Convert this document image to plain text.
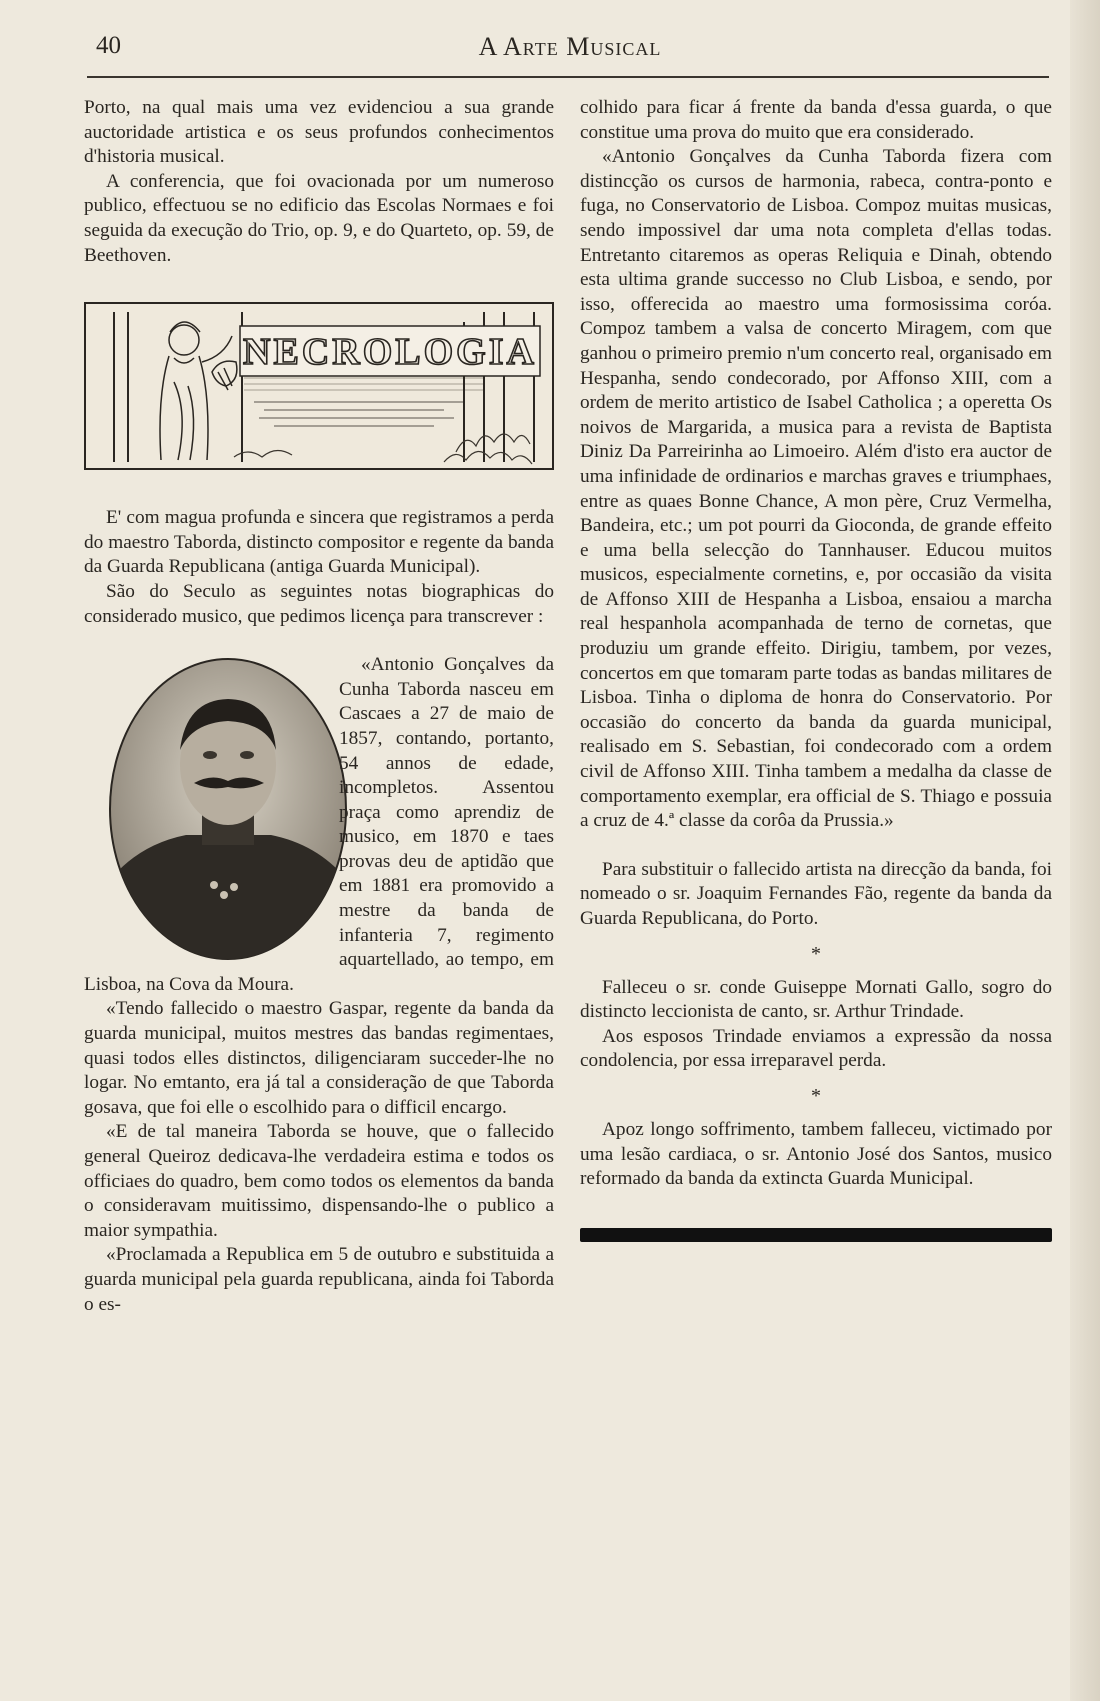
40	A Arte Musical

Porto, na qual mais uma vez evidenciou a sua grande auctoridade artistica e os seus profundos conhecimentos d'historia musical.

A conferencia, que foi ovacionada por um numeroso publico, effectuou se no edificio das Escolas Normaes e foi seguida da execução do Trio, op. 9, e do Quarteto, op. 59, de Beethoven.

NECROLOGIA

E' com magua profunda e sincera que registramos a perda do maestro Taborda, distincto compositor e regente da banda da Guarda Republicana (antiga Guarda Municipal).

São do Seculo as seguintes notas biographicas do considerado musico, que pedimos licença para transcrever :

«Antonio Gonçalves da Cunha Taborda nasceu em Cascaes a 27 de maio de 1857, contando, portanto, 54 annos de edade, incompletos. Assentou praça como aprendiz de musico, em 1870 e taes provas deu de aptidão que em 1881 era promovido a mestre da banda de infanteria 7, regimento aquartellado, ao tempo, em Lisboa, na Cova da Moura.

«Tendo fallecido o maestro Gaspar, regente da banda da guarda municipal, muitos mestres das bandas regimentaes, quasi todos elles distinctos, diligenciaram succeder-lhe no logar. No emtanto, era já tal a consideração de que Taborda gosava, que foi elle o escolhido para o difficil encargo.

«E de tal maneira Taborda se houve, que o fallecido general Queiroz dedicava-lhe verdadeira estima e todos os officiaes do quadro, bem como todos os elementos da banda o consideravam muitissimo, dispensando-lhe o publico a maior sympathia.

«Proclamada a Republica em 5 de outubro e substituida a guarda municipal pela guarda republicana, ainda foi Taborda o es-

colhido para ficar á frente da banda d'essa guarda, o que constitue uma prova do muito que era considerado.

«Antonio Gonçalves da Cunha Taborda fizera com distincção os cursos de harmonia, rabeca, contra-ponto e fuga, no Conservatorio de Lisboa. Compoz muitas musicas, sendo impossivel dar uma nota completa d'ellas todas. Entretanto citaremos as operas Reliquia e Dinah, obtendo esta ultima grande successo no Club Lisboa, e sendo, por isso, offerecida ao maestro uma formosissima coróa. Compoz tambem a valsa de concerto Miragem, com que ganhou o primeiro premio n'um concerto real, organisado em Hespanha, sendo condecorado, por Affonso XIII, com a ordem de merito artistico de Isabel Catholica ; a operetta Os noivos de Margarida, a musica para a revista de Baptista Diniz Da Parreirinha ao Limoeiro. Além d'isto era auctor de uma infinidade de ordinarios e marchas graves e triumphaes, entre as quaes Bonne Chance, A mon père, Cruz Vermelha, Bandeira, etc.; um pot pourri da Gioconda, de grande effeito e uma bella selecção do Tannhauser. Educou muitos musicos, especialmente cornetins, e, por occasião da visita de Affonso XIII de Hespanha a Lisboa, ensaiou a marcha real hespanhola acompanhada de terno de cornetas, que produziu um grande effeito. Dirigiu, tambem, por vezes, concertos em que tomaram parte todas as bandas militares de Lisboa. Tinha o diploma de honra do Conservatorio. Por occasião do concerto da banda da guarda municipal, realisado em S. Sebastian, foi condecorado com a ordem civil de Affonso XIII. Tinha tambem a medalha da classe de comportamento exemplar, era official de S. Thiago e possuia a cruz de 4.ª classe da corôa da Prussia.»

Para substituir o fallecido artista na direcção da banda, foi nomeado o sr. Joaquim Fernandes Fão, regente da banda da Guarda Republicana, do Porto.

*

Falleceu o sr. conde Guiseppe Mornati Gallo, sogro do distincto leccionista de canto, sr. Arthur Trindade.

Aos esposos Trindade enviamos a expressão da nossa condolencia, por essa irreparavel perda.

*

Apoz longo soffrimento, tambem falleceu, victimado por uma lesão cardiaca, o sr. Antonio José dos Santos, musico reformado da banda da extincta Guarda Municipal.
